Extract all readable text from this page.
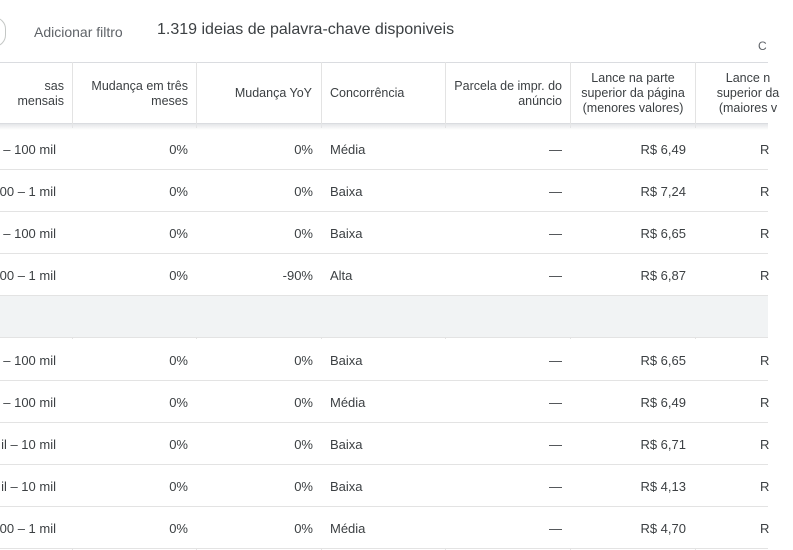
Adicionar filtro 1.319 ideias de palavra-chave disponiveis
C
sas mensais
Mudança em três meses
Mudança YoY Concorrência
Parcela de impr. do anúncio
Lance na parte superior da página (menores valores)
Lance n superior da (maiores v
– 100 mil	0%	0% Média	—	R$ 6,49	R
00 – 1 mil	0%	0% Baixa	—	R$ 7,24	R
– 100 mil	0%	0% Baixa	—	R$ 6,65	R
00 – 1 mil	0%	-90% Alta	—	R$ 6,87	R
– 100 mil	0%	0% Baixa	—	R$ 6,65	R
– 100 mil	0%	0% Média	—	R$ 6,49	R
il – 10 mil	0%	0% Baixa	—	R$ 6,71	R
il – 10 mil	0%	0% Baixa	—	R$ 4,13	R
00 – 1 mil	0%	0% Média	—	R$ 4,70	R
